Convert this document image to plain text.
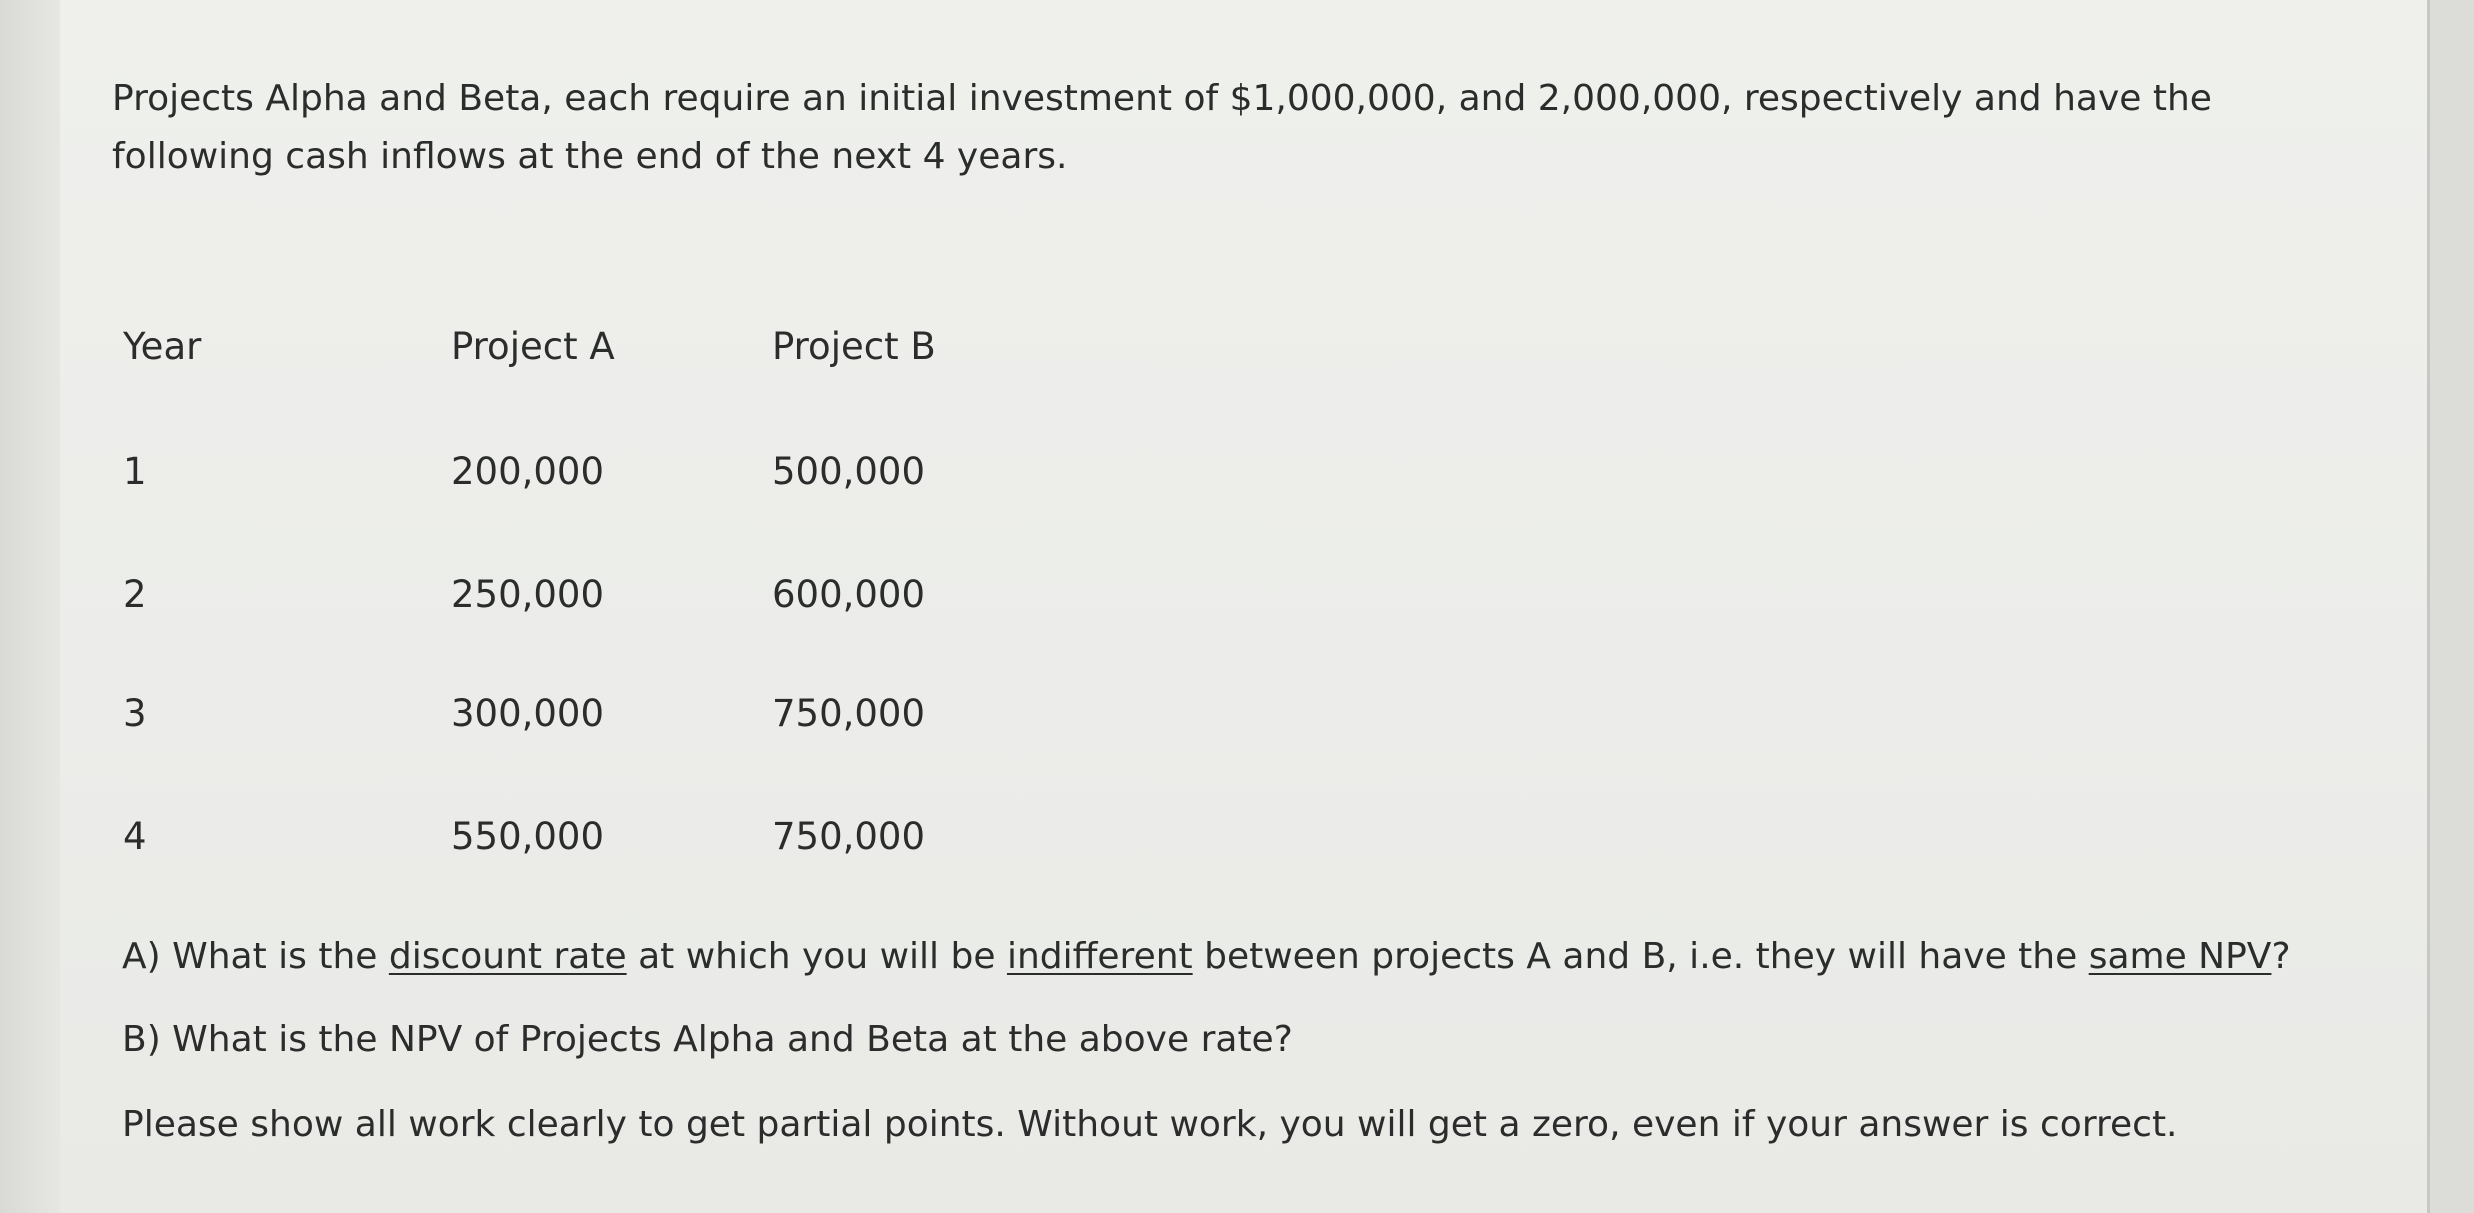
Projects Alpha and Beta, each require an initial investment of $1,000,000, and 2,000,000, respectively and have the following cash inflows at the end of the next 4 years.

Year	Project A	Project B
1	200,000	500,000
2	250,000	600,000
3	300,000	750,000
4	550,000	750,000

A) What is the discount rate at which you will be indifferent between projects A and B, i.e. they will have the same NPV?

B) What is the NPV of Projects Alpha and Beta at the above rate?

Please show all work clearly to get partial points. Without work, you will get a zero, even if your answer is correct.
